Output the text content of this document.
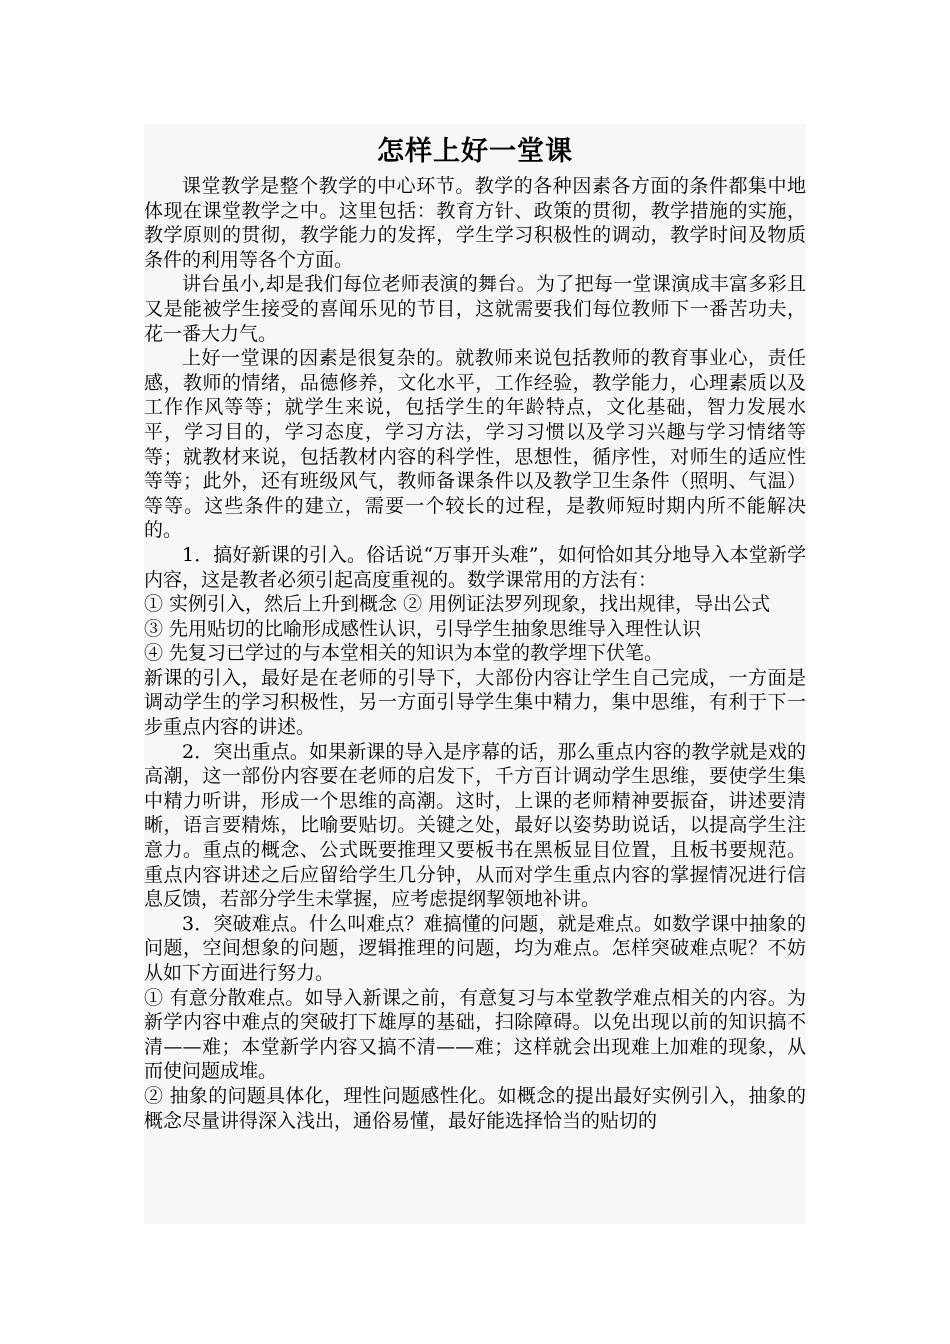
怎样上好一堂课

课堂教学是整个教学的中心环节。教学的各种因素各方面的条件都集中地体现在课堂教学之中。这里包括：教育方针、政策的贯彻，教学措施的实施，教学原则的贯彻，教学能力的发挥，学生学习积极性的调动，教学时间及物质条件的利用等各个方面。

讲台虽小,却是我们每位老师表演的舞台。为了把每一堂课演成丰富多彩且又是能被学生接受的喜闻乐见的节目，这就需要我们每位教师下一番苦功夫，花一番大力气。

上好一堂课的因素是很复杂的。就教师来说包括教师的教育事业心，责任感，教师的情绪，品德修养，文化水平，工作经验，教学能力，心理素质以及工作作风等等；就学生来说，包括学生的年龄特点，文化基础，智力发展水平，学习目的，学习态度，学习方法，学习习惯以及学习兴趣与学习情绪等等；就教材来说，包括教材内容的科学性，思想性，循序性，对师生的适应性等等；此外，还有班级风气，教师备课条件以及教学卫生条件（照明、气温）等等。这些条件的建立，需要一个较长的过程，是教师短时期内所不能解决的。

1．搞好新课的引入。俗话说“万事开头难”，如何恰如其分地导入本堂新学内容，这是教者必须引起高度重视的。数学课常用的方法有：

① 实例引入，然后上升到概念 ② 用例证法罗列现象，找出规律，导出公式

③ 先用贴切的比喻形成感性认识，引导学生抽象思维导入理性认识

④ 先复习已学过的与本堂相关的知识为本堂的教学埋下伏笔。

新课的引入，最好是在老师的引导下，大部份内容让学生自己完成，一方面是调动学生的学习积极性，另一方面引导学生集中精力，集中思维，有利于下一步重点内容的讲述。

2．突出重点。如果新课的导入是序幕的话，那么重点内容的教学就是戏的高潮，这一部份内容要在老师的启发下，千方百计调动学生思维，要使学生集中精力听讲，形成一个思维的高潮。这时，上课的老师精神要振奋，讲述要清晰，语言要精炼，比喻要贴切。关键之处，最好以姿势助说话，以提高学生注意力。重点的概念、公式既要推理又要板书在黑板显目位置，且板书要规范。重点内容讲述之后应留给学生几分钟，从而对学生重点内容的掌握情况进行信息反馈，若部分学生未掌握，应考虑提纲挈领地补讲。

3．突破难点。什么叫难点？难搞懂的问题，就是难点。如数学课中抽象的问题，空间想象的问题，逻辑推理的问题，均为难点。怎样突破难点呢？不妨从如下方面进行努力。

① 有意分散难点。如导入新课之前，有意复习与本堂教学难点相关的内容。为新学内容中难点的突破打下雄厚的基础，扫除障碍。以免出现以前的知识搞不清——难；本堂新学内容又搞不清——难；这样就会出现难上加难的现象，从而使问题成堆。

② 抽象的问题具体化，理性问题感性化。如概念的提出最好实例引入，抽象的概念尽量讲得深入浅出，通俗易懂，最好能选择恰当的贴切的
